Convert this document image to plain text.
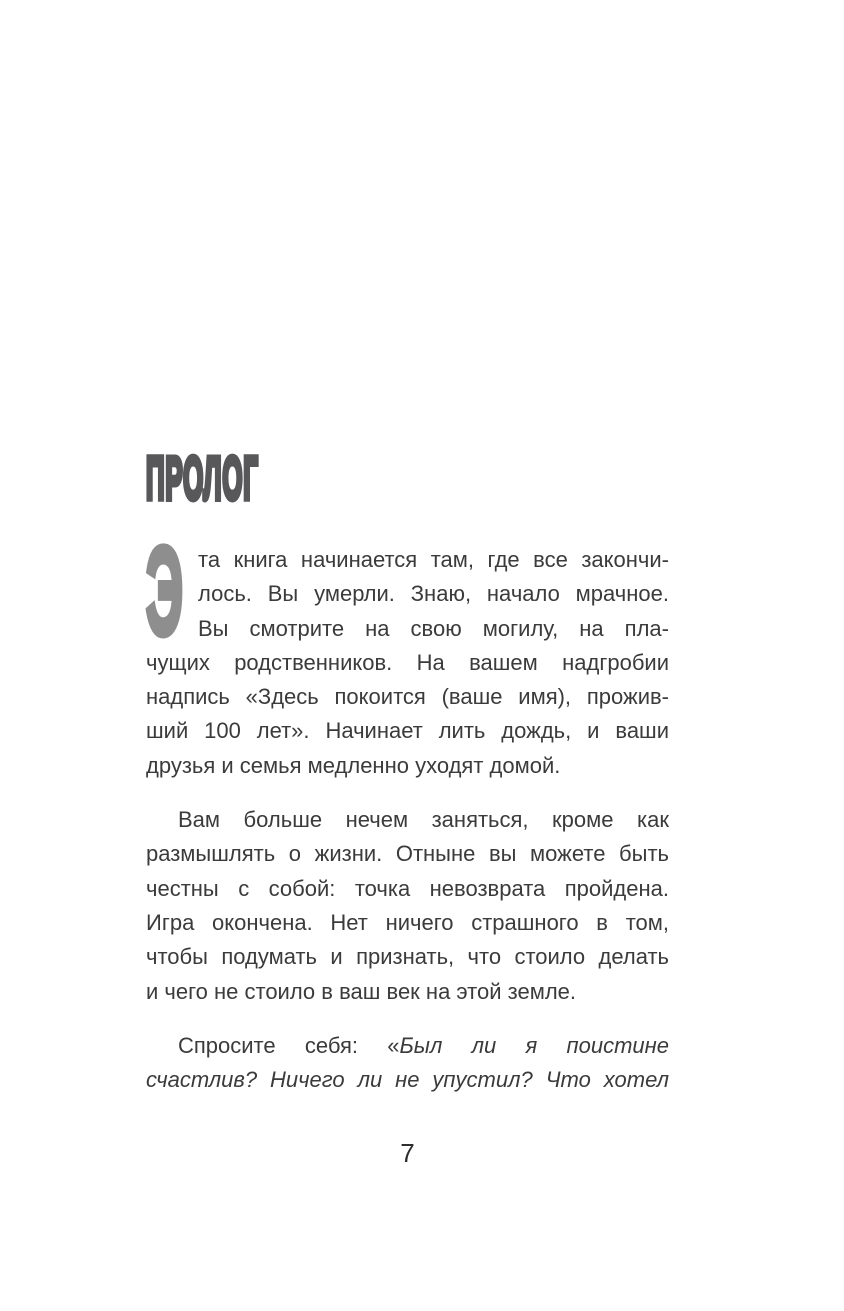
ПРОЛОГ
Э та книга начинается там, где все закончи-
лось. Вы умерли. Знаю, начало мрачное.
Вы смотрите на свою могилу, на пла-
чущих родственников. На вашем надгробии
надпись «Здесь покоится (ваше имя), прожив-
ший 100 лет». Начинает лить дождь, и ваши
друзья и семья медленно уходят домой.
Вам больше нечем заняться, кроме как
размышлять о жизни. Отныне вы можете быть
честны с собой: точка невозврата пройдена.
Игра окончена. Нет ничего страшного в том,
чтобы подумать и признать, что стоило делать
и чего не стоило в ваш век на этой земле.
Спросите себя: «Был ли я поистине
счастлив? Ничего ли не упустил? Что хотел
7
